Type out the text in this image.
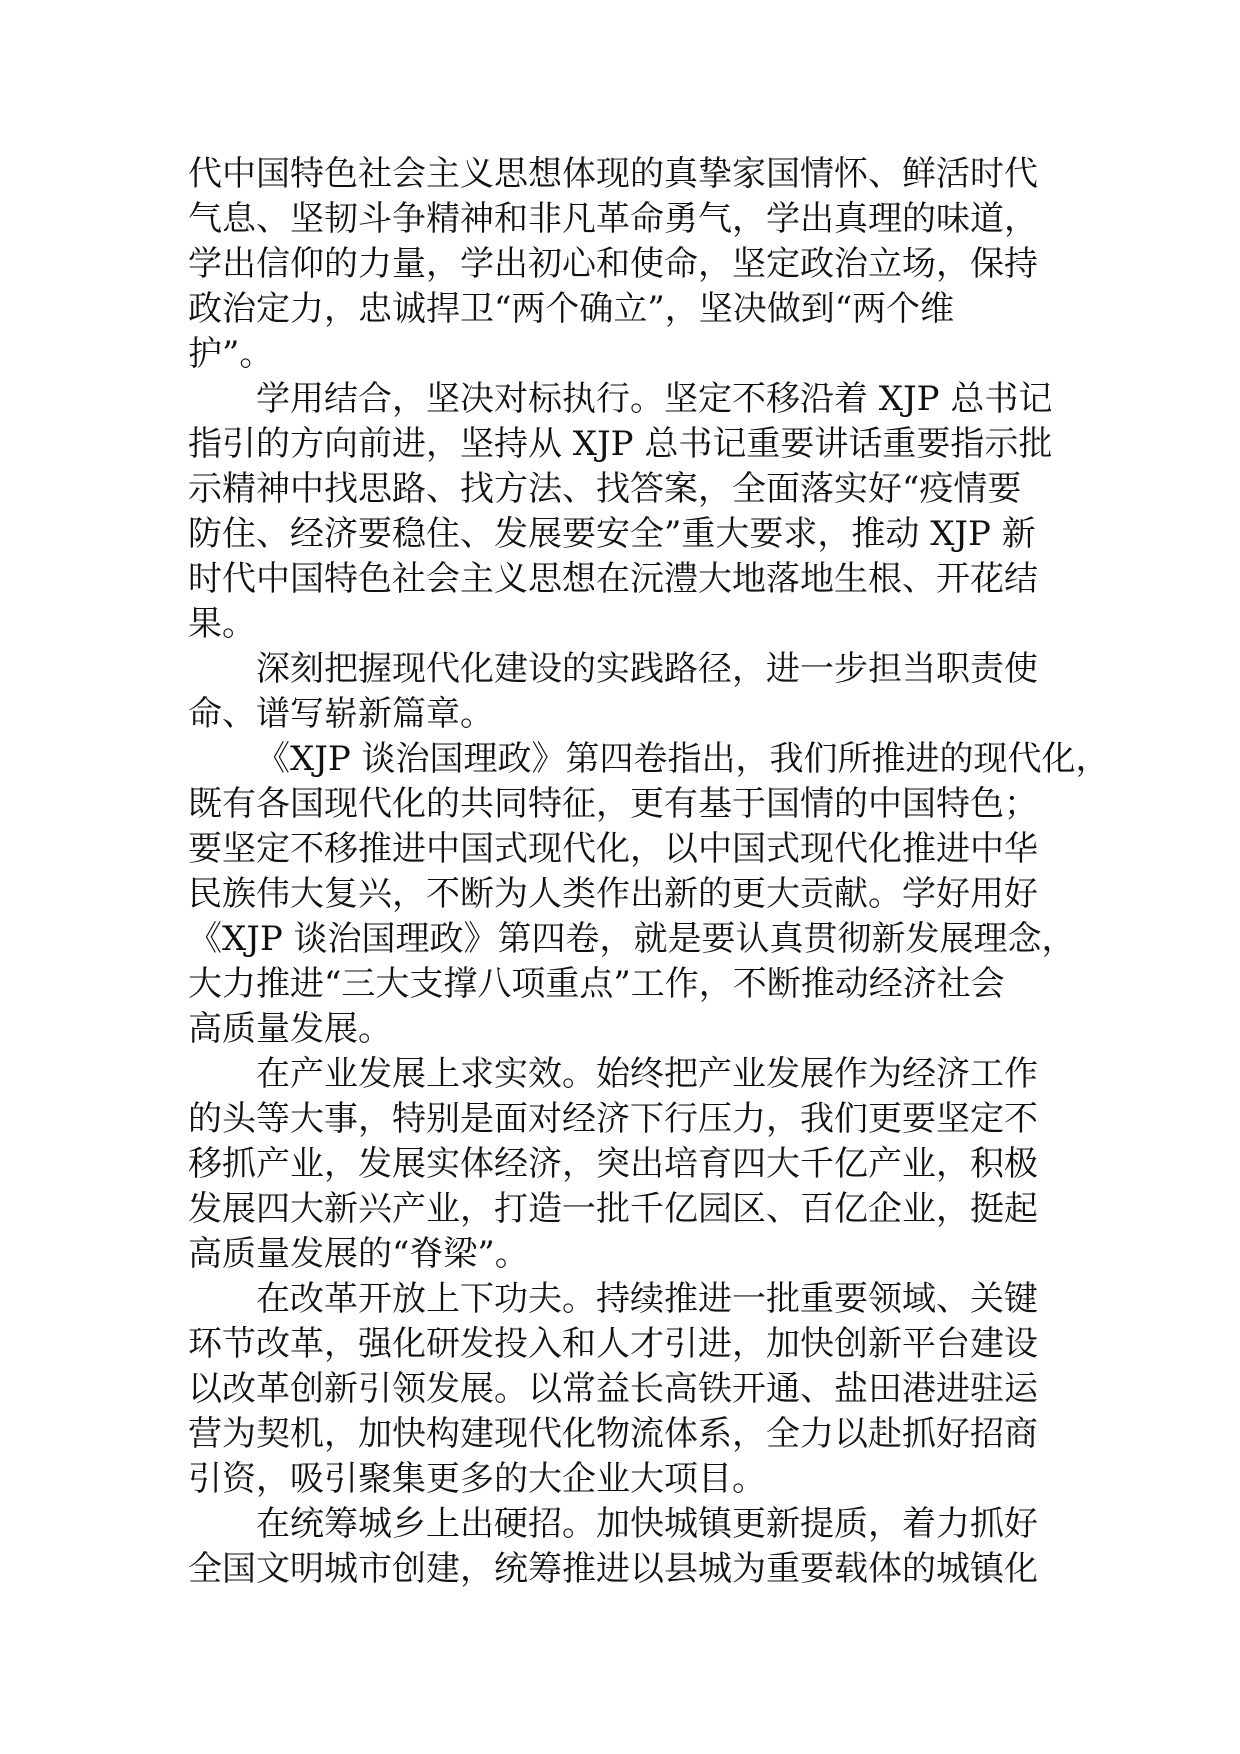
代中国特色社会主义思想体现的真挚家国情怀、鲜活时代
气息、坚韧斗争精神和非凡革命勇气，学出真理的味道，
学出信仰的力量，学出初心和使命，坚定政治立场，保持
政治定力，忠诚捍卫“两个确立”，坚决做到“两个维
护”。
学用结合，坚决对标执行。坚定不移沿着 XJP 总书记
指引的方向前进，坚持从 XJP 总书记重要讲话重要指示批
示精神中找思路、找方法、找答案，全面落实好“疫情要
防住、经济要稳住、发展要安全”重大要求，推动 XJP 新
时代中国特色社会主义思想在沅澧大地落地生根、开花结
果。
深刻把握现代化建设的实践路径，进一步担当职责使
命、谱写崭新篇章。
《XJP 谈治国理政》第四卷指出，我们所推进的现代化，
既有各国现代化的共同特征，更有基于国情的中国特色；
要坚定不移推进中国式现代化，以中国式现代化推进中华
民族伟大复兴，不断为人类作出新的更大贡献。学好用好
《XJP 谈治国理政》第四卷，就是要认真贯彻新发展理念，
大力推进“三大支撑八项重点”工作，不断推动经济社会
高质量发展。
在产业发展上求实效。始终把产业发展作为经济工作
的头等大事，特别是面对经济下行压力，我们更要坚定不
移抓产业，发展实体经济，突出培育四大千亿产业，积极
发展四大新兴产业，打造一批千亿园区、百亿企业，挺起
高质量发展的“脊梁”。
在改革开放上下功夫。持续推进一批重要领域、关键
环节改革，强化研发投入和人才引进，加快创新平台建设
以改革创新引领发展。以常益长高铁开通、盐田港进驻运
营为契机，加快构建现代化物流体系，全力以赴抓好招商
引资，吸引聚集更多的大企业大项目。
在统筹城乡上出硬招。加快城镇更新提质，着力抓好
全国文明城市创建，统筹推进以县城为重要载体的城镇化
